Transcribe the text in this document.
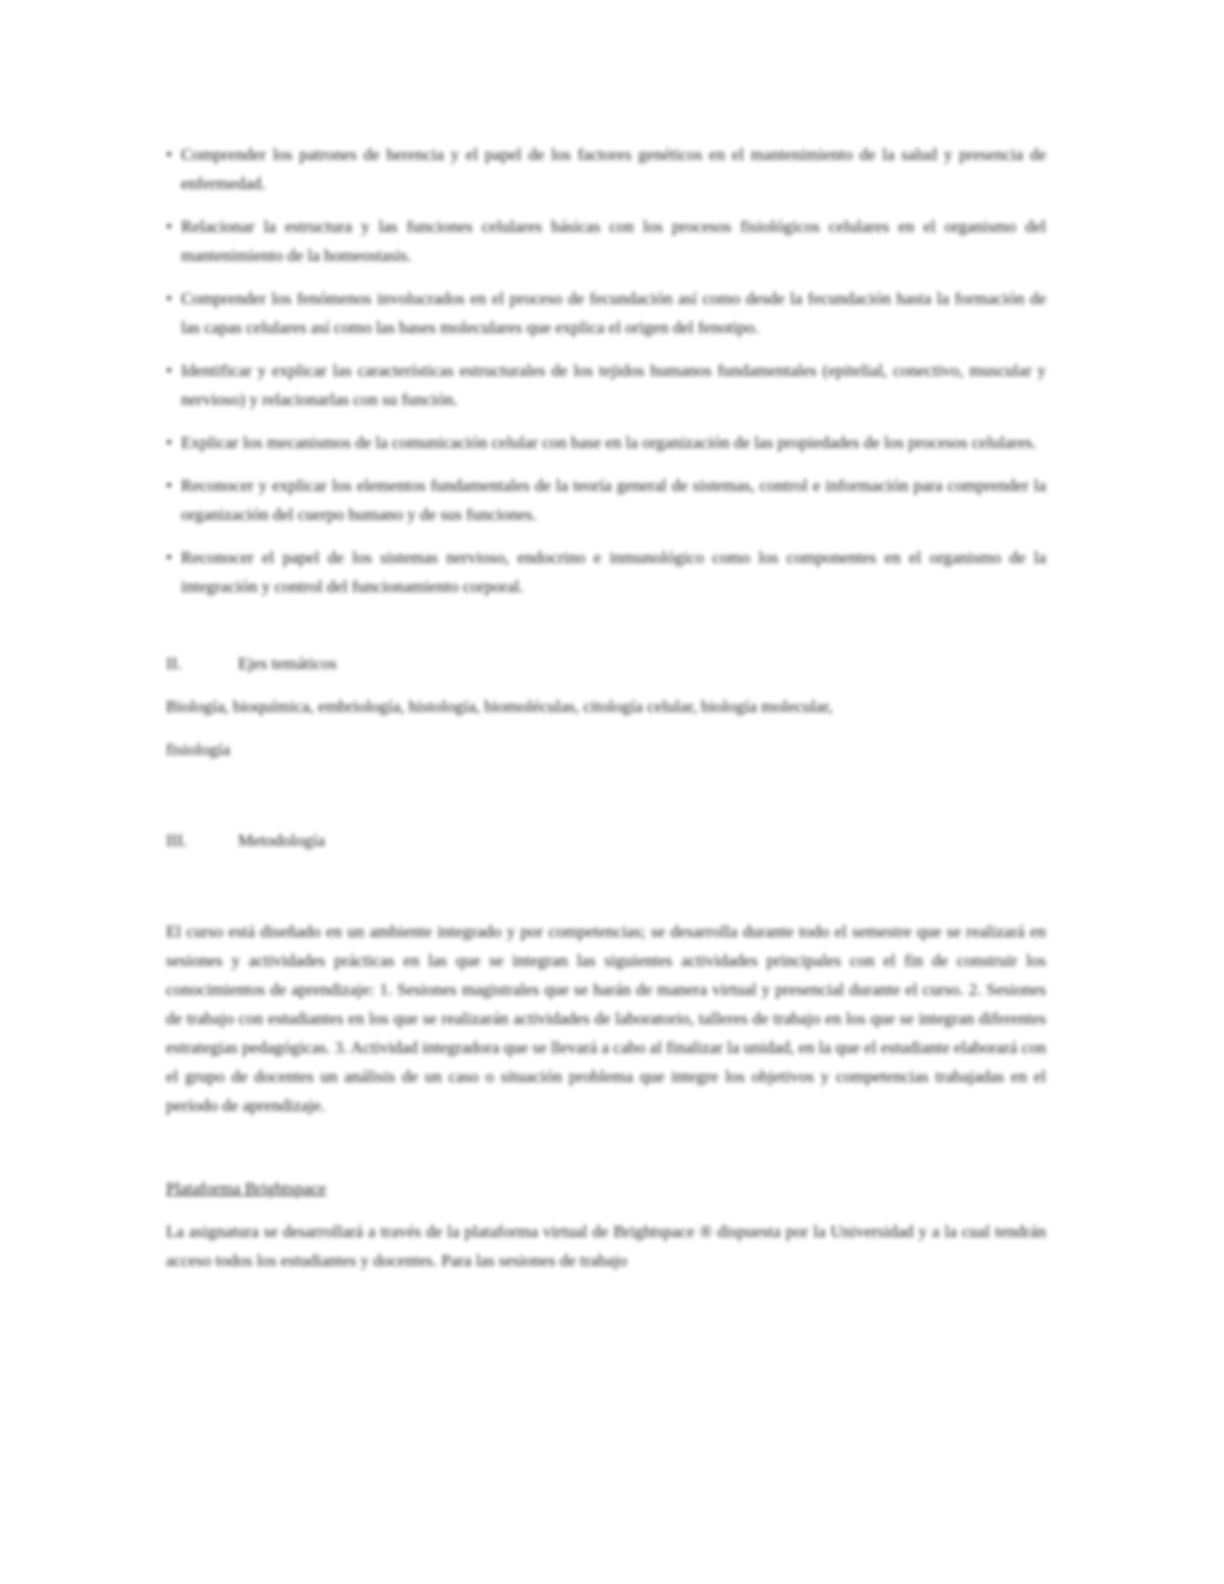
• Comprender los patrones de herencia y el papel de los factores genéticos en el mantenimiento de la salud y presencia de enfermedad.
• Relacionar la estructura y las funciones celulares básicas con los procesos fisiológicos celulares en el organismo del mantenimiento de la homeostasis.
• Comprender los fenómenos involucrados en el proceso de fecundación así como desde la fecundación hasta la formación de las capas celulares así como las bases moleculares que explica el origen del fenotipo.
• Identificar y explicar las características estructurales de los tejidos humanos fundamentales (epitelial, conectivo, muscular y nervioso) y relacionarlas con su función.
• Explicar los mecanismos de la comunicación celular con base en la organización de las propiedades de los procesos celulares.
• Reconocer y explicar los elementos fundamentales de la teoría general de sistemas, control e información para comprender la organización del cuerpo humano y de sus funciones.
• Reconocer el papel de los sistemas nervioso, endocrino e inmunológico como los componentes en el organismo de la integración y control del funcionamiento corporal.
II.	Ejes temáticos

Biología, bioquímica, embriología, histología, biomoléculas, citología celular, biología molecular,

fisiología

III.	Metodología

El curso está diseñado en un ambiente integrado y por competencias; se desarrolla durante todo el semestre que se realizará en sesiones y actividades prácticas en las que se integran las siguientes actividades principales con el fin de construir los conocimientos de aprendizaje: 1. Sesiones magistrales que se harán de manera virtual y presencial durante el curso. 2. Sesiones de trabajo con estudiantes en los que se realizarán actividades de laboratorio, talleres de trabajo en los que se integran diferentes estrategias pedagógicas. 3. Actividad integradora que se llevará a cabo al finalizar la unidad, en la que el estudiante elaborará con el grupo de docentes un análisis de un caso o situación problema que integre los objetivos y competencias trabajadas en el período de aprendizaje.

Plataforma Brightspace

La asignatura se desarrollará a través de la plataforma virtual de Brightspace ® dispuesta por la Universidad y a la cual tendrán acceso todos los estudiantes y docentes. Para las sesiones de trabajo
